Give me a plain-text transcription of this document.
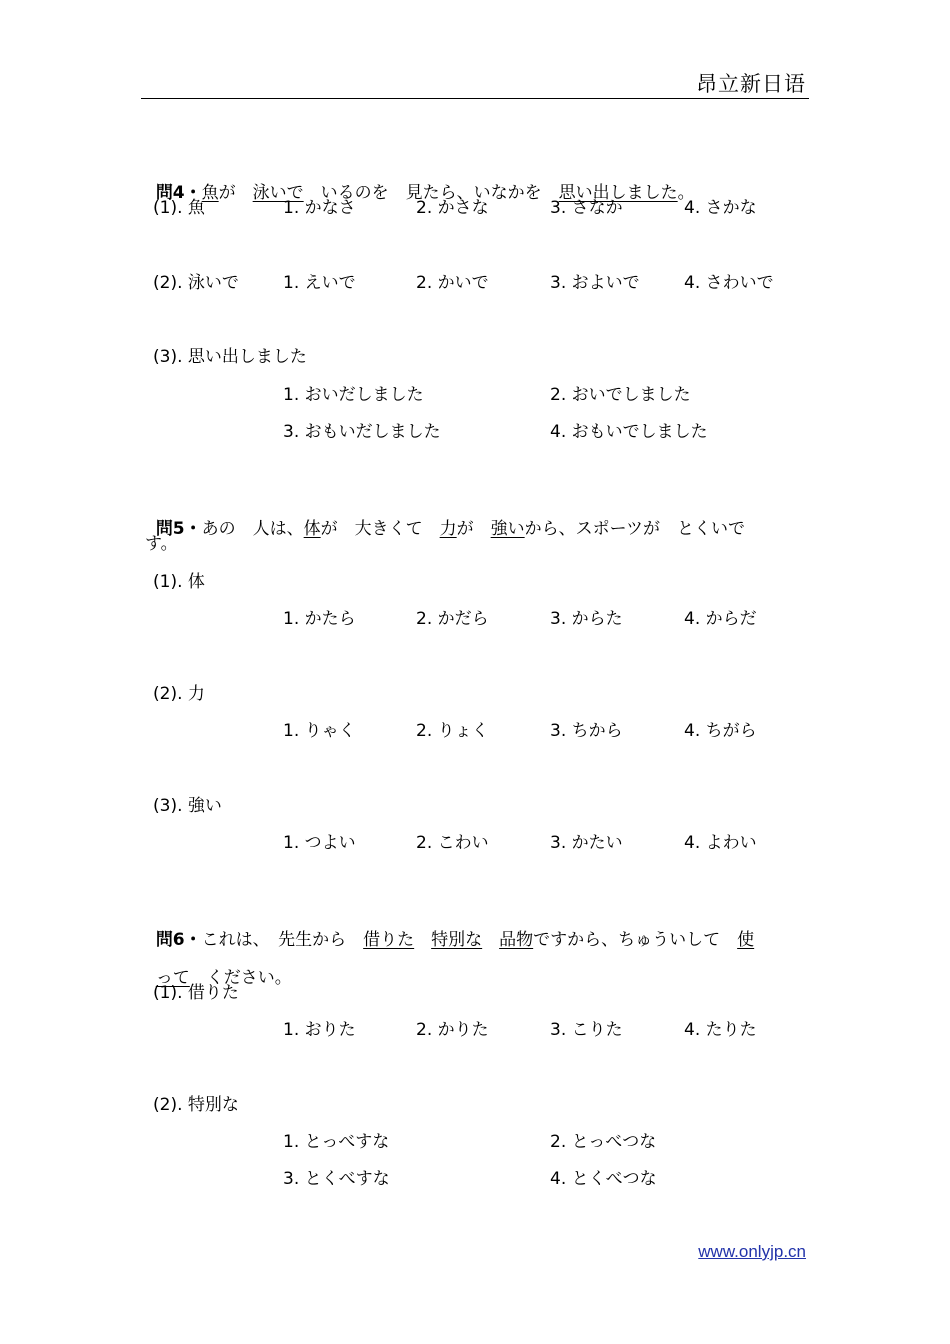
昂立新日语

問4・魚が　泳いで　いるのを　見たら、いなかを　思い出しました。

(1). 魚	1. かなさ	2. かさな	3. さなか	4. さかな
(2). 泳いで	1. えいで	2. かいで	3. およいで	4. さわいで
(3). 思い出しました
1. おいだしました	2. おいでしました
3. おもいだしました	4. おもいでしました

問5・あの　人は、体が　大きくて　力が　強いから、スポーツが　とくいで

す。
(1). 体
1. かたら	2. かだら	3. からた	4. からだ
(2). 力
1. りゃく	2. りょく	3. ちから	4. ちがら
(3). 強い
1. つよい	2. こわい	3. かたい	4. よわい

問6・これは、　先生から　借りた　 特別な　 品物ですから、ちゅういして　使

って　ください。

(1). 借りた
1. おりた	2. かりた	3. こりた	4. たりた
(2). 特別な
1. とっべすな	2. とっべつな
3. とくべすな	4. とくべつな
www.onlyjp.cn
